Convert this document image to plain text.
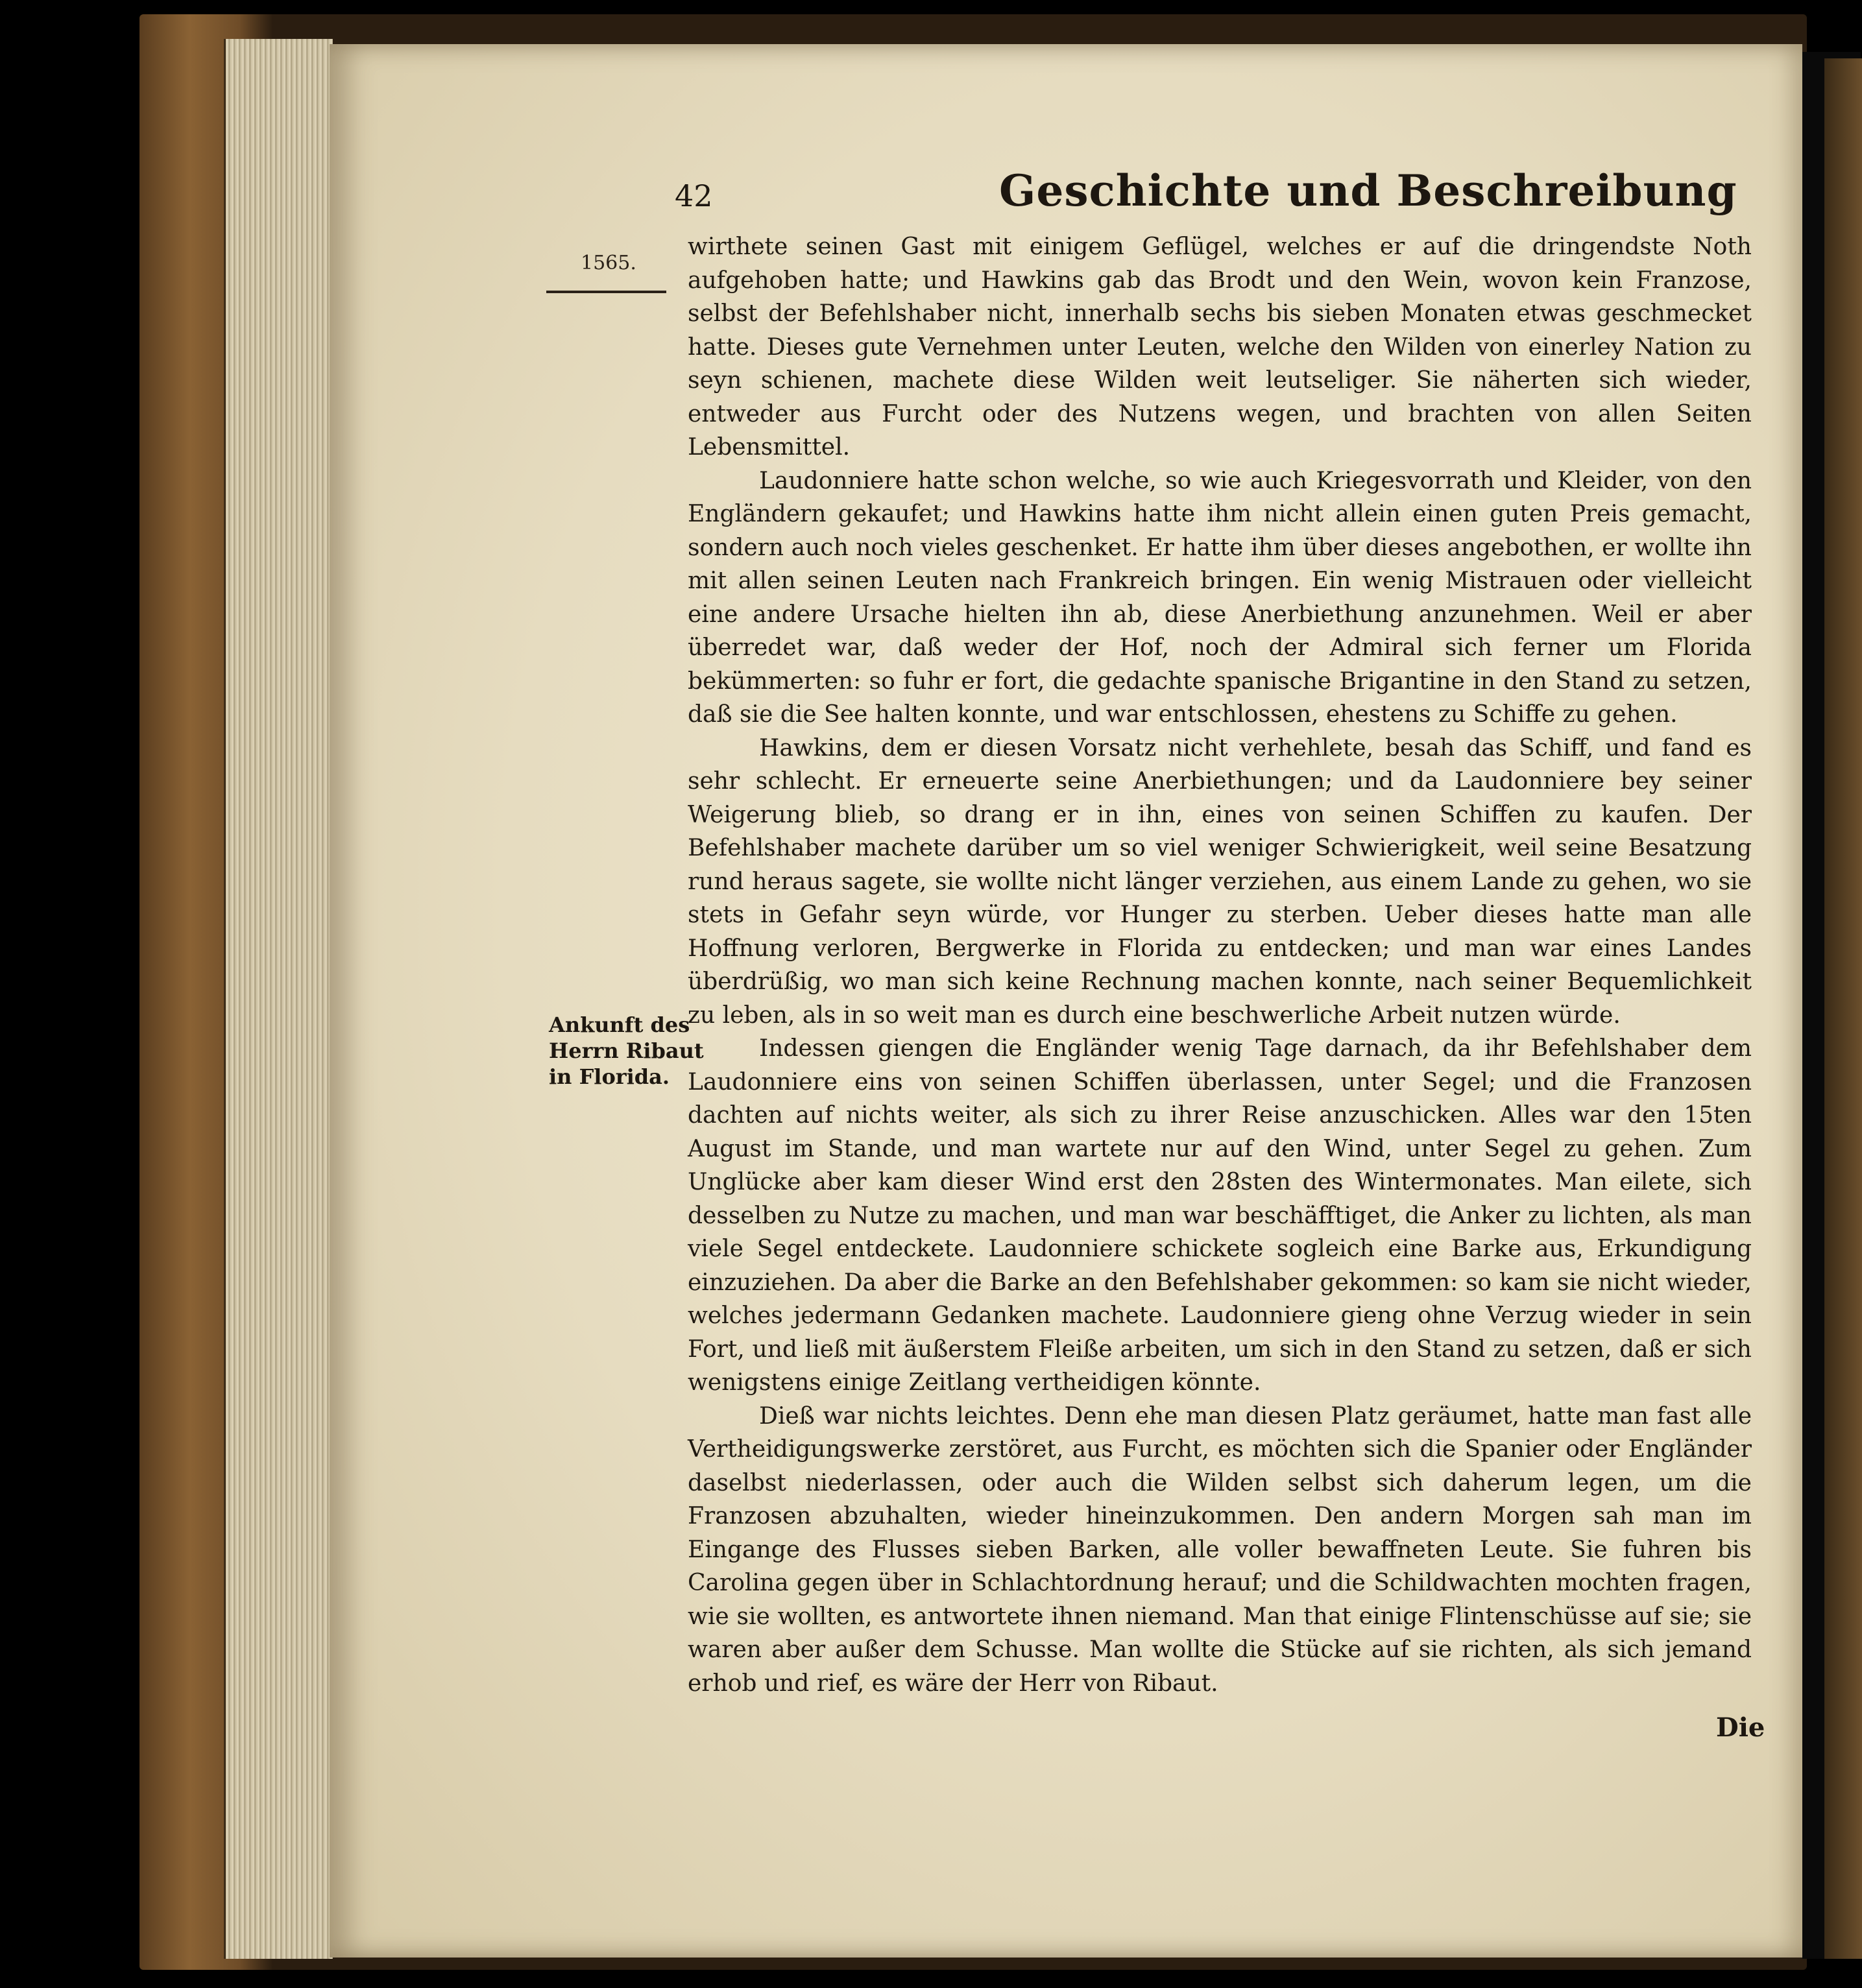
42	Geschichte und Beschreibung
1565.
Ankunft des
Herrn Ribaut
in Florida.

wirthete seinen Gast mit einigem Geflügel, welches er auf die dringendste Noth aufgehoben hatte; und Hawkins gab das Brodt und den Wein, wovon kein Franzose, selbst der Befehlshaber nicht, innerhalb sechs bis sieben Monaten etwas geschmecket hatte. Dieses gute Vernehmen unter Leuten, welche den Wilden von einerley Nation zu seyn schienen, machete diese Wilden weit leutseliger. Sie näherten sich wieder, entweder aus Furcht oder des Nutzens wegen, und brachten von allen Seiten Lebensmittel.

Laudonniere hatte schon welche, so wie auch Kriegesvorrath und Kleider, von den Engländern gekaufet; und Hawkins hatte ihm nicht allein einen guten Preis gemacht, sondern auch noch vieles geschenket. Er hatte ihm über dieses angebothen, er wollte ihn mit allen seinen Leuten nach Frankreich bringen. Ein wenig Mistrauen oder vielleicht eine andere Ursache hielten ihn ab, diese Anerbiethung anzunehmen. Weil er aber überredet war, daß weder der Hof, noch der Admiral sich ferner um Florida bekümmerten: so fuhr er fort, die gedachte spanische Brigantine in den Stand zu setzen, daß sie die See halten konnte, und war entschlossen, ehestens zu Schiffe zu gehen.

Hawkins, dem er diesen Vorsatz nicht verhehlete, besah das Schiff, und fand es sehr schlecht. Er erneuerte seine Anerbiethungen; und da Laudonniere bey seiner Weigerung blieb, so drang er in ihn, eines von seinen Schiffen zu kaufen. Der Befehlshaber machete darüber um so viel weniger Schwierigkeit, weil seine Besatzung rund heraus sagete, sie wollte nicht länger verziehen, aus einem Lande zu gehen, wo sie stets in Gefahr seyn würde, vor Hunger zu sterben. Ueber dieses hatte man alle Hoffnung verloren, Bergwerke in Florida zu entdecken; und man war eines Landes überdrüßig, wo man sich keine Rechnung machen konnte, nach seiner Bequemlichkeit zu leben, als in so weit man es durch eine beschwerliche Arbeit nutzen würde.

Indessen giengen die Engländer wenig Tage darnach, da ihr Befehlshaber dem Laudonniere eins von seinen Schiffen überlassen, unter Segel; und die Franzosen dachten auf nichts weiter, als sich zu ihrer Reise anzuschicken. Alles war den 15ten August im Stande, und man wartete nur auf den Wind, unter Segel zu gehen. Zum Unglücke aber kam dieser Wind erst den 28sten des Wintermonates. Man eilete, sich desselben zu Nutze zu machen, und man war beschäfftiget, die Anker zu lichten, als man viele Segel entdeckete. Laudonniere schickete sogleich eine Barke aus, Erkundigung einzuziehen. Da aber die Barke an den Befehlshaber gekommen: so kam sie nicht wieder, welches jedermann Gedanken machete. Laudonniere gieng ohne Verzug wieder in sein Fort, und ließ mit äußerstem Fleiße arbeiten, um sich in den Stand zu setzen, daß er sich wenigstens einige Zeitlang vertheidigen könnte.

Dieß war nichts leichtes. Denn ehe man diesen Platz geräumet, hatte man fast alle Vertheidigungswerke zerstöret, aus Furcht, es möchten sich die Spanier oder Engländer daselbst niederlassen, oder auch die Wilden selbst sich daherum legen, um die Franzosen abzuhalten, wieder hineinzukommen. Den andern Morgen sah man im Eingange des Flusses sieben Barken, alle voller bewaffneten Leute. Sie fuhren bis Carolina gegen über in Schlachtordnung herauf; und die Schildwachten mochten fragen, wie sie wollten, es antwortete ihnen niemand. Man that einige Flintenschüsse auf sie; sie waren aber außer dem Schusse. Man wollte die Stücke auf sie richten, als sich jemand erhob und rief, es wäre der Herr von Ribaut.

Die
